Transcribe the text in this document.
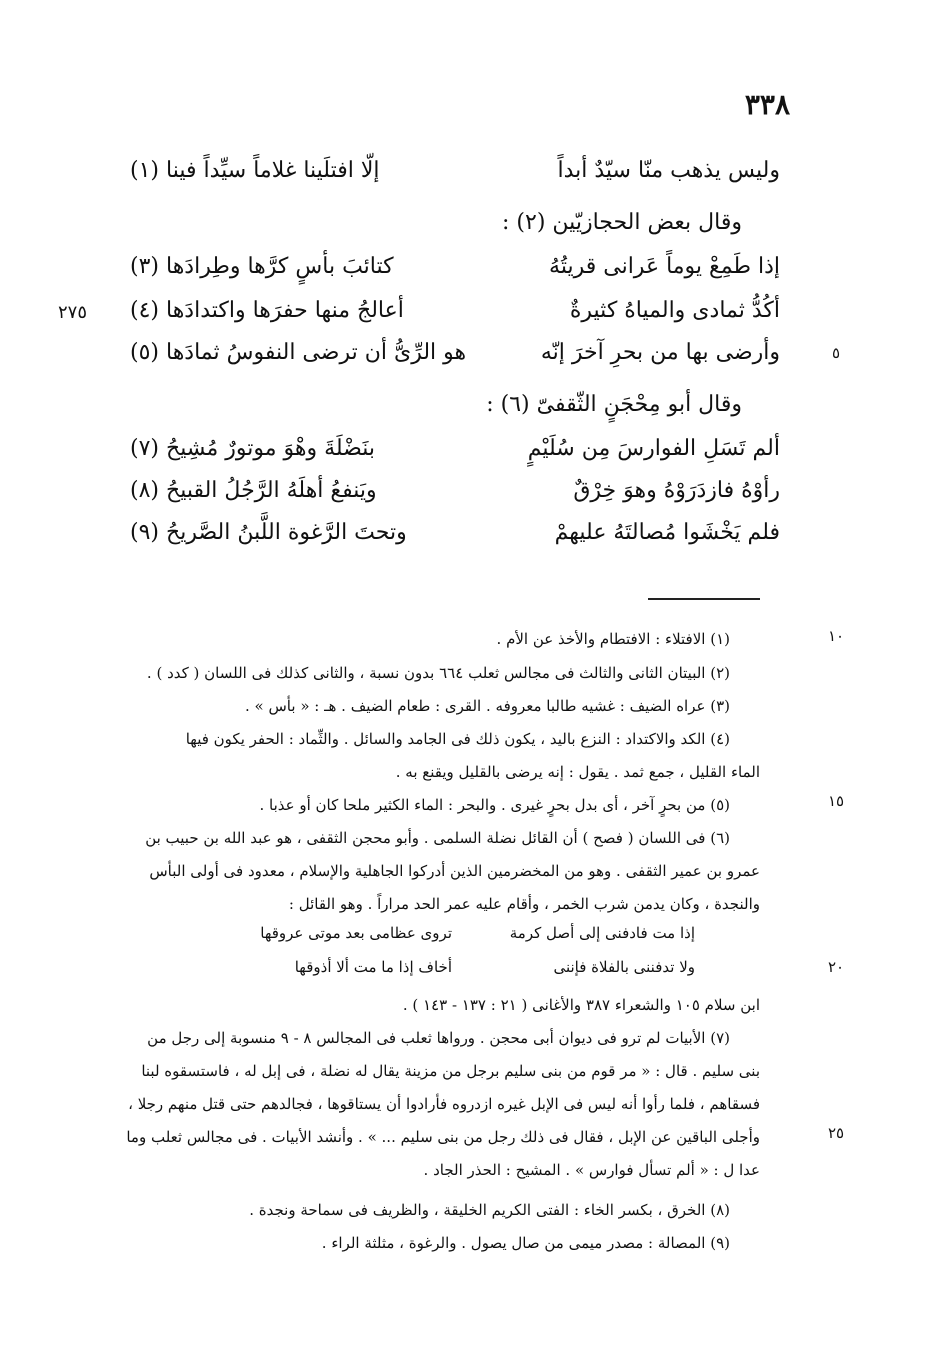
٣٣٨
٢٧٥
٥
وليس يذهب منّا سيّدٌ أبداً
إلّا افتلَينا غلاماً سيِّداً فينا (١)
وقال بعض الحجازيّين (٢) :
إذا طَمِعْ يوماً عَرانى قريتُهُ
كتائبَ بأسٍ كرَّها وطِرادَها (٣)
أكُدُّ ثمادى والمياهُ كثيرةٌ
أعالجُ منها حفرَها واكتدادَها (٤)
وأرضى بها من بحرِ آخرَ إنّه
هو الرِّىُّ أن ترضى النفوسُ ثمادَها (٥)
وقال أبو مِحْجَنٍ الثّقفىّ (٦) :
ألم تَسَلِ الفوارسَ مِن سُلَيْمٍ
بنَضْلَةَ وهْوَ موتورٌ مُشِيحُ (٧)
رأوْهُ فازدَرَوْهُ وهوَ خِرْقٌ
ويَنفعُ أهلَهُ الرَّجُلُ القبيحُ (٨)
فلم يَخْشَوا مُصالتَهُ عليهمْ
وتحتَ الرَّغوة اللَّبنُ الصَّريحُ (٩)
١٠
١٥
٢٠
٢٥
(١) الافتلاء : الافتطام والأخذ عن الأم .
(٢) البيتان الثانى والثالث فى مجالس ثعلب ٦٦٤ بدون نسبة ، والثانى كذلك فى اللسان ( كدد ) .
(٣) عراه الضيف : غشيه طالبا معروفه . القرى : طعام الضيف . هـ : « بأس » .
(٤) الكد والاكتداد : النزع باليد ، يكون ذلك فى الجامد والسائل . والثِّماد : الحفر يكون فيها
الماء القليل ، جمع ثمد . يقول : إنه يرضى بالقليل ويقنع به .
(٥) من بحرٍ آخر ، أى بدل بحرٍ غيرى . والبحر : الماء الكثير ملحا كان أو عذبا .
(٦) فى اللسان ( فصح ) أن القائل نضلة السلمى . وأبو محجن الثقفى ، هو عبد الله بن حبيب بن
عمرو بن عمير الثقفى . وهو من المخضرمين الذين أدركوا الجاهلية والإسلام ، معدود فى أولى البأس
والنجدة ، وكان يدمن شرب الخمر ، وأقام عليه عمر الحد مراراً . وهو القائل :
إذا مت فادفنى إلى أصل كرمة
تروى عظامى بعد موتى عروقها
ولا تدفننى بالفلاة فإننى
أخاف إذا ما مت ألا أذوقها
ابن سلام ١٠٥ والشعراء ٣٨٧ والأغانى ( ٢١ : ١٣٧ - ١٤٣ ) .
(٧) الأبيات لم ترو فى ديوان أبى محجن . ورواها ثعلب فى المجالس ٨ - ٩ منسوبة إلى رجل من
بنى سليم . قال : « مر قوم من بنى سليم برجل من مزينة يقال له نضلة ، فى إبل له ، فاستسقوه لبنا
فسقاهم ، فلما رأوا أنه ليس فى الإبل غيره ازدروه فأرادوا أن يستاقوها ، فجالدهم حتى قتل منهم رجلا ،
وأجلى الباقين عن الإبل ، فقال فى ذلك رجل من بنى سليم ... » . وأنشد الأبيات . فى مجالس ثعلب وما
عدا ل : « ألم تسأل فوارس » . المشيح : الحذر الجاد .
(٨) الخرق ، بكسر الخاء : الفتى الكريم الخليقة ، والظريف فى سماحة ونجدة .
(٩) المصالة : مصدر ميمى من صال يصول . والرغوة ، مثلثة الراء .
